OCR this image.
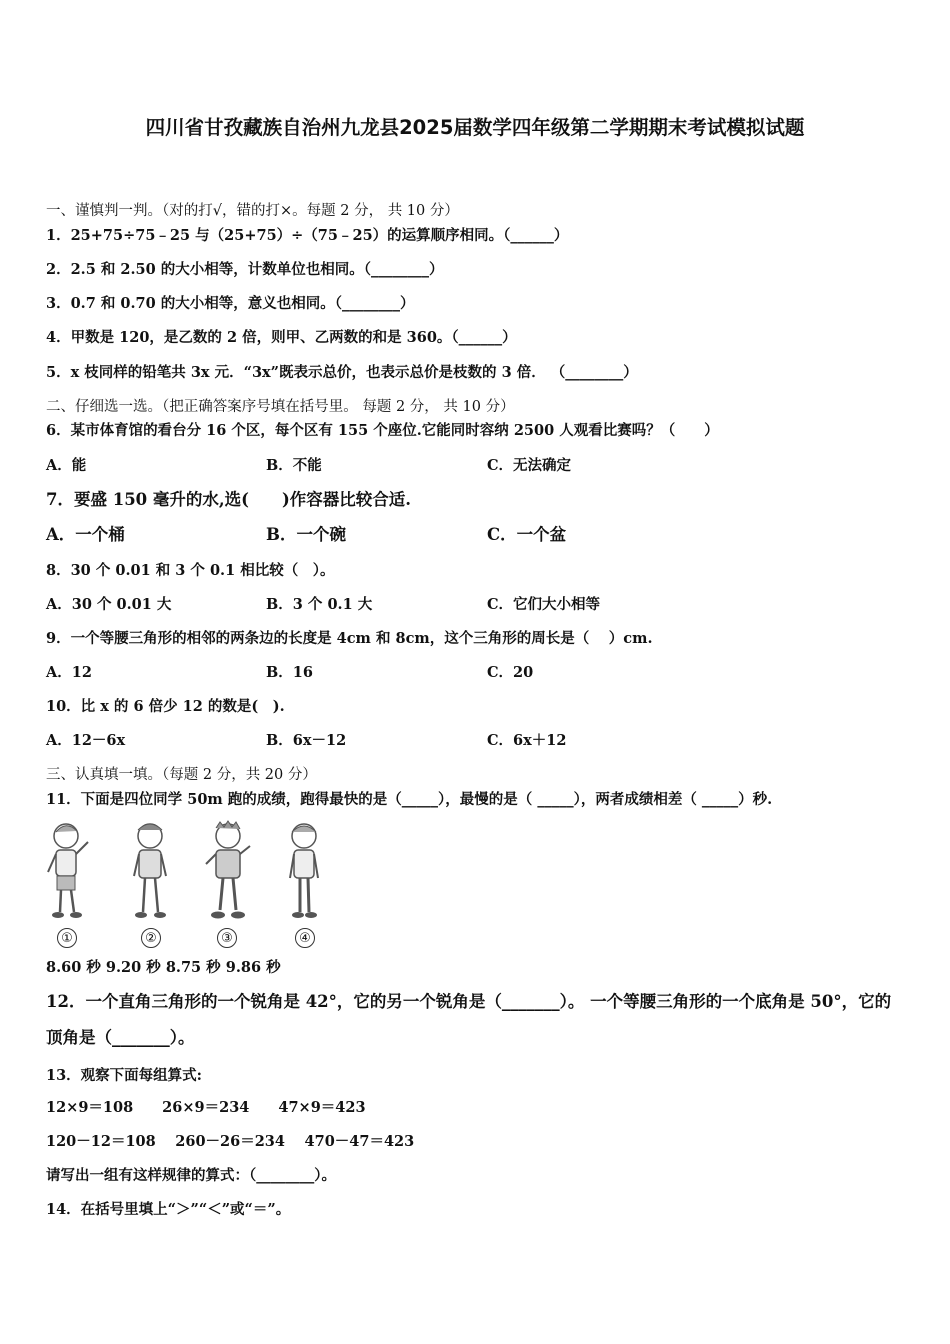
四川省甘孜藏族自治州九龙县2025届数学四年级第二学期期末考试模拟试题
一、谨慎判一判。（对的打√，错的打×。每题 2 分， 共 10 分）
1．25+75÷75﹣25 与（25+75）÷（75﹣25）的运算顺序相同。（______）
2．2.5 和 2.50 的大小相等，计数单位也相同。（________）
3．0.7 和 0.70 的大小相等，意义也相同。（________）
4．甲数是 120，是乙数的 2 倍，则甲、乙两数的和是 360。（______）
5．x 枝同样的铅笔共 3x 元．“3x”既表示总价，也表示总价是枝数的 3 倍． （________）
二、仔细选一选。（把正确答案序号填在括号里。 每题 2 分， 共 10 分）
6．某市体育馆的看台分 16 个区，每个区有 155 个座位.它能同时容纳 2500 人观看比赛吗？（　　）
A．能	B．不能	C．无法确定
7．要盛 150 毫升的水,选(　　)作容器比较合适.
A．一个桶	B．一个碗	C．一个盆
8．30 个 0.01 和 3 个 0.1 相比较（　）。
A．30 个 0.01 大	B．3 个 0.1 大	C．它们大小相等
9．一个等腰三角形的相邻的两条边的长度是 4cm 和 8cm，这个三角形的周长是（　 ）cm.
A．12	B．16	C．20
10．比 x 的 6 倍少 12 的数是(　).
A．12－6x	B．6x－12	C．6x＋12
三、认真填一填。（每题 2 分，共 20 分）
11．下面是四位同学 50m 跑的成绩，跑得最快的是（_____），最慢的是（ _____），两者成绩相差（ _____）秒.
①	②	③	④
8.60 秒 9.20 秒 8.75 秒 9.86 秒
12．一个直角三角形的一个锐角是 42°，它的另一个锐角是（_______）。 一个等腰三角形的一个底角是 50°，它的顶角是（_______）。
13．观察下面每组算式:
12×9＝108　　26×9＝234　　47×9＝423
120－12＝108　 260－26＝234　 470－47＝423
请写出一组有这样规律的算式：（________）。
14．在括号里填上“＞”“＜”或“＝”。
